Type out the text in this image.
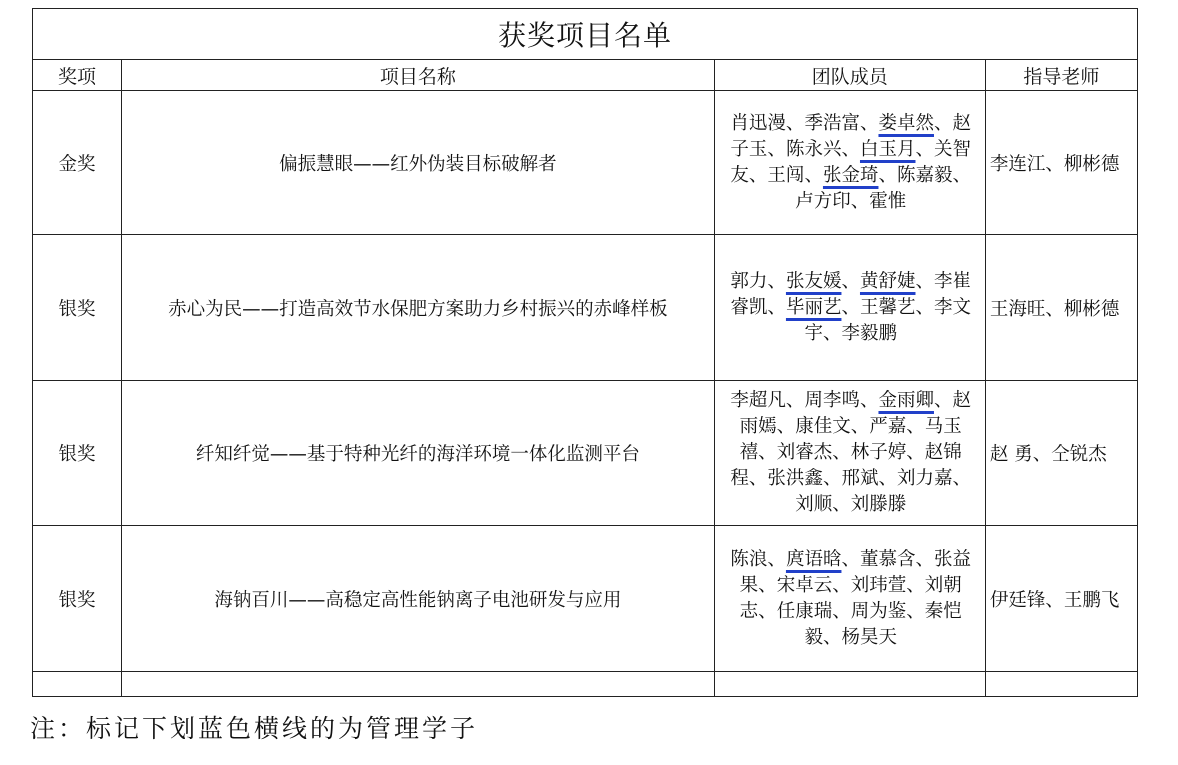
获奖项目名单			
奖项	项目名称	团队成员	指导老师
金奖	偏振慧眼——红外伪装目标破解者	肖迅漫、季浩富、娄卓然、赵子玉、陈永兴、白玉月、关智友、王闯、张金琦、陈嘉毅、卢方印、霍惟	李连江、柳彬德
银奖	赤心为民——打造高效节水保肥方案助力乡村振兴的赤峰样板	郭力、张友媛、黄舒婕、李崔睿凯、毕丽艺、王馨艺、李文宇、李毅鹏	王海旺、柳彬德
银奖	纤知纤觉——基于特种光纤的海洋环境一体化监测平台	李超凡、周李鸣、金雨卿、赵雨嫣、康佳文、严嘉、马玉禧、刘睿杰、林子婷、赵锦程、张洪鑫、邢斌、刘力嘉、刘顺、刘滕滕	赵 勇、仝锐杰
银奖	海钠百川——高稳定高性能钠离子电池研发与应用	陈浪、庹语晗、董慕含、张益果、宋卓云、刘玮萱、刘朝志、任康瑞、周为鉴、秦恺毅、杨昊天	伊廷锋、王鹏飞

注：标记下划蓝色横线的为管理学子
